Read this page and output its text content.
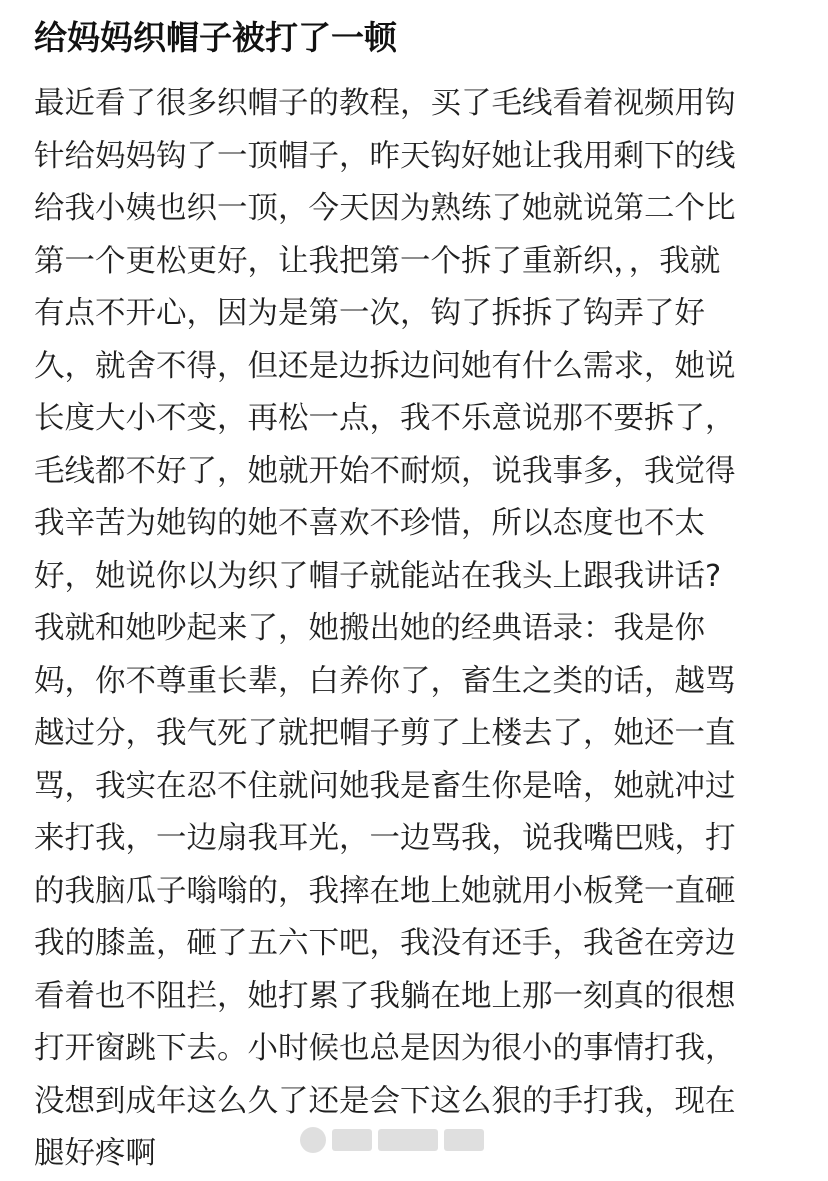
给妈妈织帽子被打了一顿
最近看了很多织帽子的教程，买了毛线看着视频用钩
针给妈妈钩了一顶帽子，昨天钩好她让我用剩下的线
给我小姨也织一顶，今天因为熟练了她就说第二个比
第一个更松更好，让我把第一个拆了重新织，，我就
有点不开心，因为是第一次，钩了拆拆了钩弄了好
久，就舍不得，但还是边拆边问她有什么需求，她说
长度大小不变，再松一点，我不乐意说那不要拆了，
毛线都不好了，她就开始不耐烦，说我事多，我觉得
我辛苦为她钩的她不喜欢不珍惜，所以态度也不太
好，她说你以为织了帽子就能站在我头上跟我讲话?
我就和她吵起来了，她搬出她的经典语录：我是你
妈，你不尊重长辈，白养你了，畜生之类的话，越骂
越过分，我气死了就把帽子剪了上楼去了，她还一直
骂，我实在忍不住就问她我是畜生你是啥，她就冲过
来打我，一边扇我耳光，一边骂我，说我嘴巴贱，打
的我脑瓜子嗡嗡的，我摔在地上她就用小板凳一直砸
我的膝盖，砸了五六下吧，我没有还手，我爸在旁边
看着也不阻拦，她打累了我躺在地上那一刻真的很想
打开窗跳下去。小时候也总是因为很小的事情打我，
没想到成年这么久了还是会下这么狠的手打我，现在
腿好疼啊
